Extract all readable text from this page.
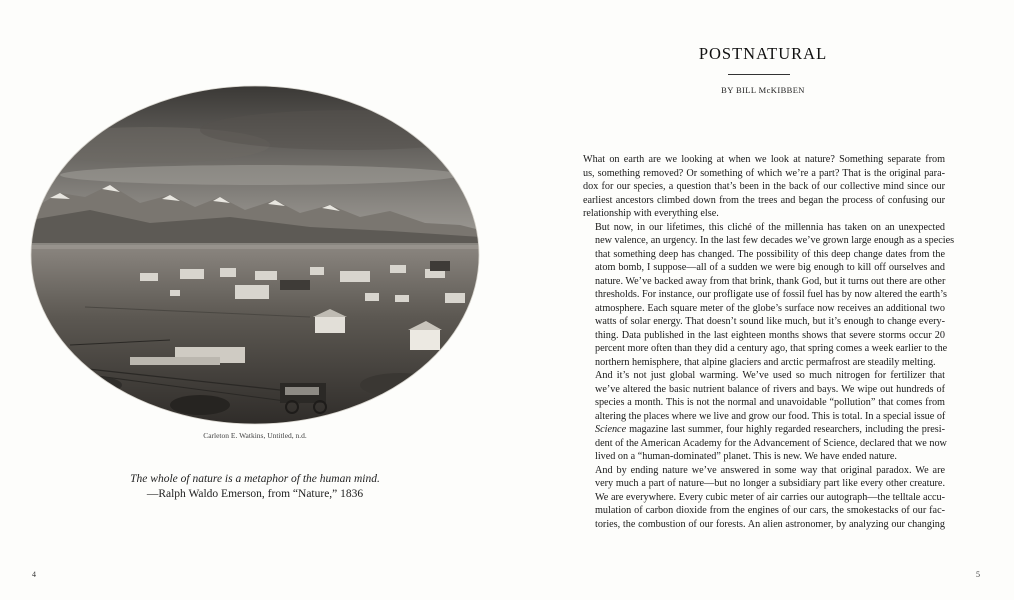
Carleton E. Watkins, Untitled, n.d.
The whole of nature is a metaphor of the human mind.
—Ralph Waldo Emerson, from “Nature,” 1836
4
POSTNATURAL
BY BILL McKIBBEN

What on earth are we looking at when we look at nature? Something separate from
us, something removed? Or something of which we’re a part? That is the original para-
dox for our species, a question that’s been in the back of our collective mind since our
earliest ancestors climbed down from the trees and began the process of confusing our
relationship with everything else.

But now, in our lifetimes, this cliché of the millennia has taken on an unexpected
new valence, an urgency. In the last few decades we’ve grown large enough as a species
that something deep has changed. The possibility of this deep change dates from the
atom bomb, I suppose—all of a sudden we were big enough to kill off ourselves and
nature. We’ve backed away from that brink, thank God, but it turns out there are other
thresholds. For instance, our profligate use of fossil fuel has by now altered the earth’s
atmosphere. Each square meter of the globe’s surface now receives an additional two
watts of solar energy. That doesn’t sound like much, but it’s enough to change every-
thing. Data published in the last eighteen months shows that severe storms occur 20
percent more often than they did a century ago, that spring comes a week earlier to the
northern hemisphere, that alpine glaciers and arctic permafrost are steadily melting.

And it’s not just global warming. We’ve used so much nitrogen for fertilizer that
we’ve altered the basic nutrient balance of rivers and bays. We wipe out hundreds of
species a month. This is not the normal and unavoidable “pollution” that comes from
altering the places where we live and grow our food. This is total. In a special issue of
Science magazine last summer, four highly regarded researchers, including the presi-
dent of the American Academy for the Advancement of Science, declared that we now
lived on a “human-dominated” planet. This is new. We have ended nature.

And by ending nature we’ve answered in some way that original paradox. We are
very much a part of nature—but no longer a subsidiary part like every other creature.
We are everywhere. Every cubic meter of air carries our autograph—the telltale accu-
mulation of carbon dioxide from the engines of our cars, the smokestacks of our fac-
tories, the combustion of our forests. An alien astronomer, by analyzing our changing

5
